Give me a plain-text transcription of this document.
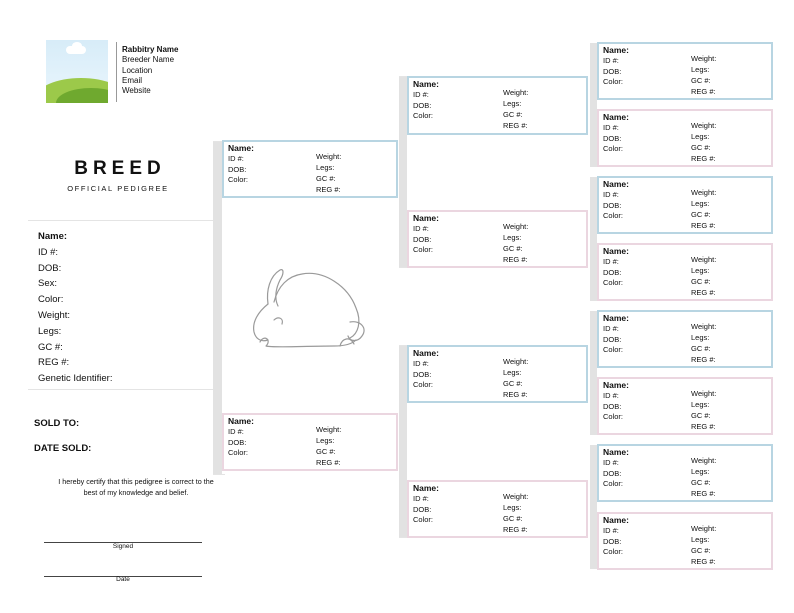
Rabbitry Name
Breeder Name
Location
Email
Website
BREED
OFFICIAL PEDIGREE
Name:
ID #:
DOB:
Sex:
Color:
Weight:
Legs:
GC #:
REG #:
Genetic Identifier:
SOLD TO:
DATE SOLD:
I hereby certify that this pedigree is correct to the best of my knowledge and belief.
Signed
Date
Name:
ID #:
DOB:
Color:
Weight:
Legs:
GC #:
REG #:
Name:
ID #:
DOB:
Color:
Weight:
Legs:
GC #:
REG #:
Name:
ID #:
DOB:
Color:
Weight:
Legs:
GC #:
REG #:
Name:
ID #:
DOB:
Color:
Weight:
Legs:
GC #:
REG #:
Name:
ID #:
DOB:
Color:
Weight:
Legs:
GC #:
REG #:
Name:
ID #:
DOB:
Color:
Weight:
Legs:
GC #:
REG #:
Name:
ID #:
DOB:
Color:
Weight:
Legs:
GC #:
REG #:
Name:
ID #:
DOB:
Color:
Weight:
Legs:
GC #:
REG #:
Name:
ID #:
DOB:
Color:
Weight:
Legs:
GC #:
REG #:
Name:
ID #:
DOB:
Color:
Weight:
Legs:
GC #:
REG #:
Name:
ID #:
DOB:
Color:
Weight:
Legs:
GC #:
REG #:
Name:
ID #:
DOB:
Color:
Weight:
Legs:
GC #:
REG #:
Name:
ID #:
DOB:
Color:
Weight:
Legs:
GC #:
REG #:
Name:
ID #:
DOB:
Color:
Weight:
Legs:
GC #:
REG #:
